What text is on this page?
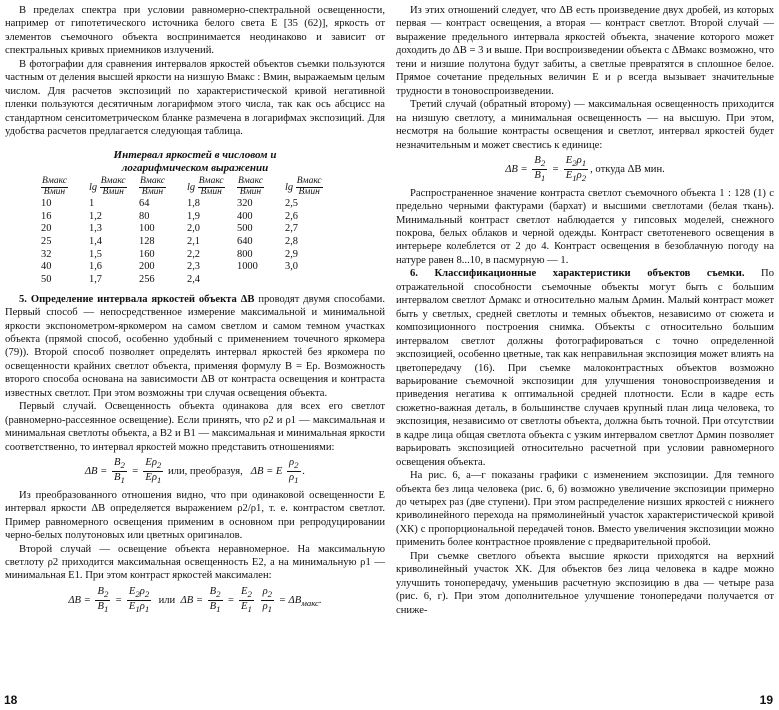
В пределах спектра при условии равномерно-спектральной освещенности, например от гипотетического источника белого света E [35 (62)], яркость от элементов съемочного объекта воспринимается неодинаково и зависит от спектральных кривых приемников излучений.

В фотографии для сравнения интервалов яркостей объектов съемки пользуются частным от деления высшей яркости на низшую Bмакс : Bмин, выражаемым целым числом. Для расчетов экспозиций по характеристической кривой негативной пленки пользуются десятичным логарифмом этого числа, так как ось абсцисс на стандартном сенситометрическом бланке размечена в логарифмах экспозиций. Для удобства расчетов предлагается следующая таблица.

Интервал яркостей в числовом и
логарифмическом выражении
$\frac{\text{Bмакс}}{\text{Bмин}}$	$\lg \frac{\text{Bмакс}}{\text{Bмин}}$	$\frac{\text{Bмакс}}{\text{Bмин}}$	$\lg \frac{\text{Bмакс}}{\text{Bмин}}$	$\frac{\text{Bмакс}}{\text{Bмин}}$	$\lg \frac{\text{Bмакс}}{\text{Bмин}}$

10	1	64	1,8	320	2,5
16	1,2	80	1,9	400	2,6
20	1,3	100	2,0	500	2,7
25	1,4	128	2,1	640	2,8
32	1,5	160	2,2	800	2,9
40	1,6	200	2,3	1000	3,0
50	1,7	256	2,4		

5. Определение интервала яркостей объекта ΔB проводят двумя способами. Первый способ — непосредственное измерение максимальной и минимальной яркости экспонометром-яркомером на самом светлом и самом темном участках объекта (прямой способ, особенно удобный с применением точечного яркомера (79)). Второй способ позволяет определять интервал яркостей без яркомера по освещенности крайних светлот объекта, применяя формулу B = Eρ. Возможность второго способа основана на зависимости ΔB от контраста освещения и контраста известных светлот. При этом возможны три случая освещения объекта.

Первый случай. Освещенность объекта одинакова для всех его светлот (равномерно-рассеянное освещение). Если принять, что ρ2 и ρ1 — максимальная и минимальная светлоты объекта, а B2 и B1 — максимальная и минимальная яркости соответственно, то интервал яркостей можно представить отношениями:

$\Delta B = \frac{B_2}{B_1} = \frac{E\rho_2}{E\rho_1}$ или, преобразуя,   ΔB = E $\frac{\rho_2}{\rho_1}$ .

Из преобразованного отношения видно, что при одинаковой освещенности E интервал яркости ΔB определяется выражением ρ2/ρ1, т. е. контрастом светлот. Пример равномерного освещения применим в основном при репродуцировании черно-белых полутоновых или цветных оригиналов.

Второй случай — освещение объекта неравномерное. На максимальную светлоту ρ2 приходится максимальная освещенность E2, а на минимальную ρ1 — минимальная E1. При этом контраст яркостей максимален:

$\Delta B = \frac{B_2}{B_1} = \frac{E_2\rho_2}{E_1\rho_1}$ или  $\Delta B = \frac{B_2}{B_1} = \frac{E_2}{E_1}$
$\frac{\rho_2}{\rho_1} = \Delta B_{макс}$.

Из этих отношений следует, что ΔB есть произведение двух дробей, из которых первая — контраст освещения, а вторая — контраст светлот. Второй случай — выражение предельного интервала яркостей объекта, значение которого может доходить до ΔB = 3 и выше. При воспроизведении объекта с ΔBмакс возможно, что тени и низшие полутона будут забиты, а светлые превратятся в сплошное белое. Прямое сочетание предельных величин E и ρ всегда вызывает значительные трудности в тоновоспроизведении.

Третий случай (обратный второму) — максимальная освещенность приходится на низшую светлоту, а минимальная освещенность — на высшую. При этом, несмотря на большие контрасты освещения и светлот, интервал яркостей будет незначительным и может свестись к единице:

$\Delta B = \frac{B_2}{B_1} = \frac{E_2\rho_1}{E_1\rho_2}$ , откуда ΔB мин.

Распространенное значение контраста светлот съемочного объекта 1 : 128 (1) с предельно черными фактурами (бархат) и высшими светлотами (белая ткань). Минимальный контраст светлот наблюдается у гипсовых моделей, снежного покрова, белых облаков и черной одежды. Контраст светотеневого освещения в интерьере колеблется от 2 до 4. Контраст освещения в безоблачную погоду на натуре равен 8...10, в пасмурную — 1.

6. Классификационные характеристики объектов съемки. По отражательной способности съемочные объекты могут быть с большим интервалом светлот Δρмакс и относительно малым Δρмин. Малый контраст может быть у светлых, средней светлоты и темных объектов, независимо от сюжета и композиционного построения снимка. Объекты с относительно большим интервалом светлот должны фотографироваться с точно определенной экспозицией, особенно цветные, так как неправильная экспозиция может влиять на цветопередачу (16). При съемке малоконтрастных объектов возможно варьирование съемочной экспозиции для улучшения тоновоспроизведения и приведения негатива к оптимальной средней плотности. Если в кадре есть сюжетно-важная деталь, в большинстве случаев крупный план лица человека, то экспозиция, независимо от светлоты объекта, должна быть точной. При отсутствии в кадре лица общая светлота объекта с узким интервалом светлот Δρмин позволяет варьировать экспозицией относительно расчетной при условии равномерного освещения объекта.

На рис. 6, а—г показаны графики с изменением экспозиции. Для темного объекта без лица человека (рис. 6, б) возможно увеличение экспозиции примерно до четырех раз (две ступени). При этом распределение низших яркостей с нижнего криволинейного перехода на прямолинейный участок характеристической кривой (ХК) с пропорциональной передачей тонов. Вместо увеличения экспозиции можно применить более контрастное проявление с предварительной пробой.

При съемке светлого объекта высшие яркости приходятся на верхний криволинейный участок ХК. Для объектов без лица человека в кадре можно улучшить тонопередачу, уменьшив расчетную экспозицию в два — четыре раза (рис. 6, г). При этом дополнительное улучшение тонопередачи получается от сниже-

18	19
